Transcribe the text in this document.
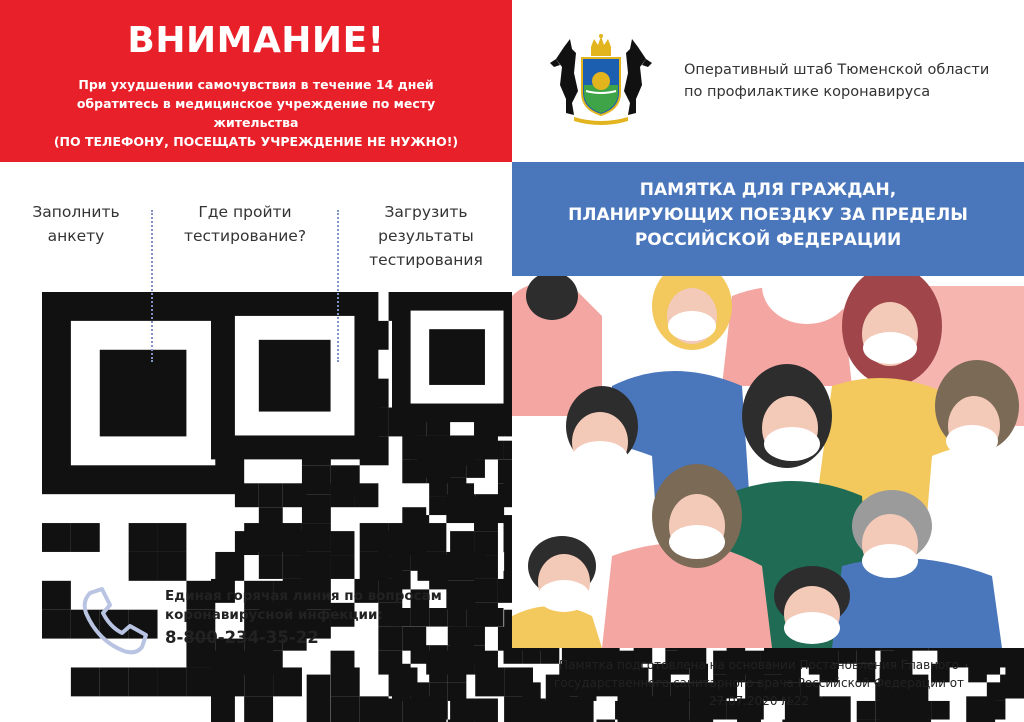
ВНИМАНИЕ!
При ухудшении самочувствия в течение 14 дней
обратитесь в медицинское учреждение по месту
жительства
(ПО ТЕЛЕФОНУ, ПОСЕЩАТЬ УЧРЕЖДЕНИЕ НЕ НУЖНО!)
Оперативный штаб Тюменской области
по профилактике коронавируса
Заполнить
анкету
Где пройти
тестирование?
Загрузить
результаты
тестирования
Единая горячая линия по вопросам
коронавирусной инфекции:
8-800-234-35-22
ПАМЯТКА ДЛЯ ГРАЖДАН,
ПЛАНИРУЮЩИХ ПОЕЗДКУ ЗА ПРЕДЕЛЫ
РОССИЙСКОЙ ФЕДЕРАЦИИ
Памятка подготовлена на основании Постановления Главного
государственного санитарного врача Российской Федерации от
27.07.2020 №22
